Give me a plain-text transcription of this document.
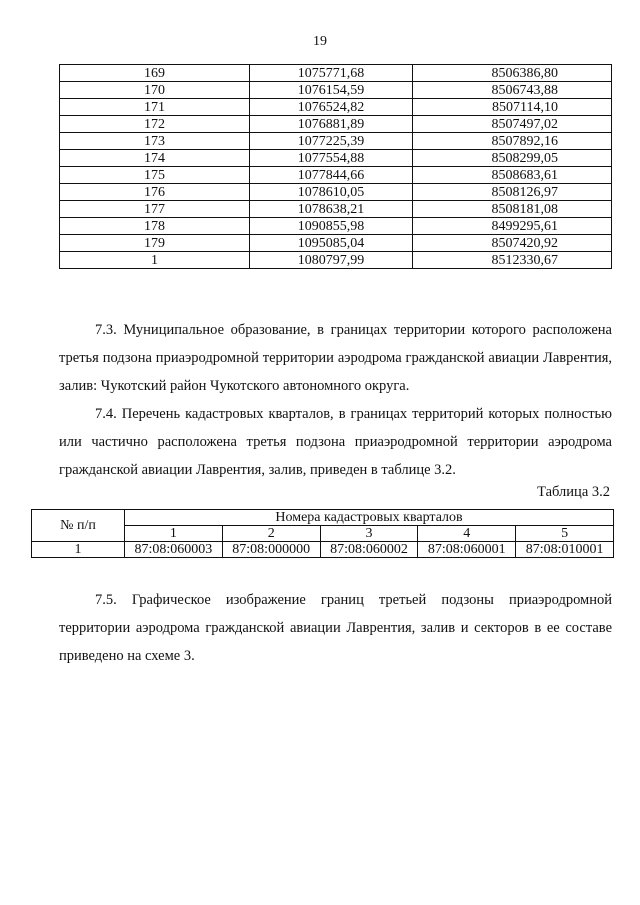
19
169	1075771,68	8506386,80
170	1076154,59	8506743,88
171	1076524,82	8507114,10
172	1076881,89	8507497,02
173	1077225,39	8507892,16
174	1077554,88	8508299,05
175	1077844,66	8508683,61
176	1078610,05	8508126,97
177	1078638,21	8508181,08
178	1090855,98	8499295,61
179	1095085,04	8507420,92
1	1080797,99	8512330,67

7.3. Муниципальное образование, в границах территории которого расположена третья подзона приаэродромной территории аэродрома гражданской авиации Лаврентия, залив: Чукотский район Чукотского автономного округа.

7.4. Перечень кадастровых кварталов, в границах территорий которых полностью или частично расположена третья подзона приаэродромной территории аэродрома гражданской авиации Лаврентия, залив, приведен в таблице 3.2.

Таблица 3.2
№ п/п	Номера кадастровых кварталов				
	1	2	3	4	5
1	87:08:060003	87:08:000000	87:08:060002	87:08:060001	87:08:010001

7.5. Графическое изображение границ третьей подзоны приаэродромной территории аэродрома гражданской авиации Лаврентия, залив и секторов в ее составе приведено на схеме 3.
